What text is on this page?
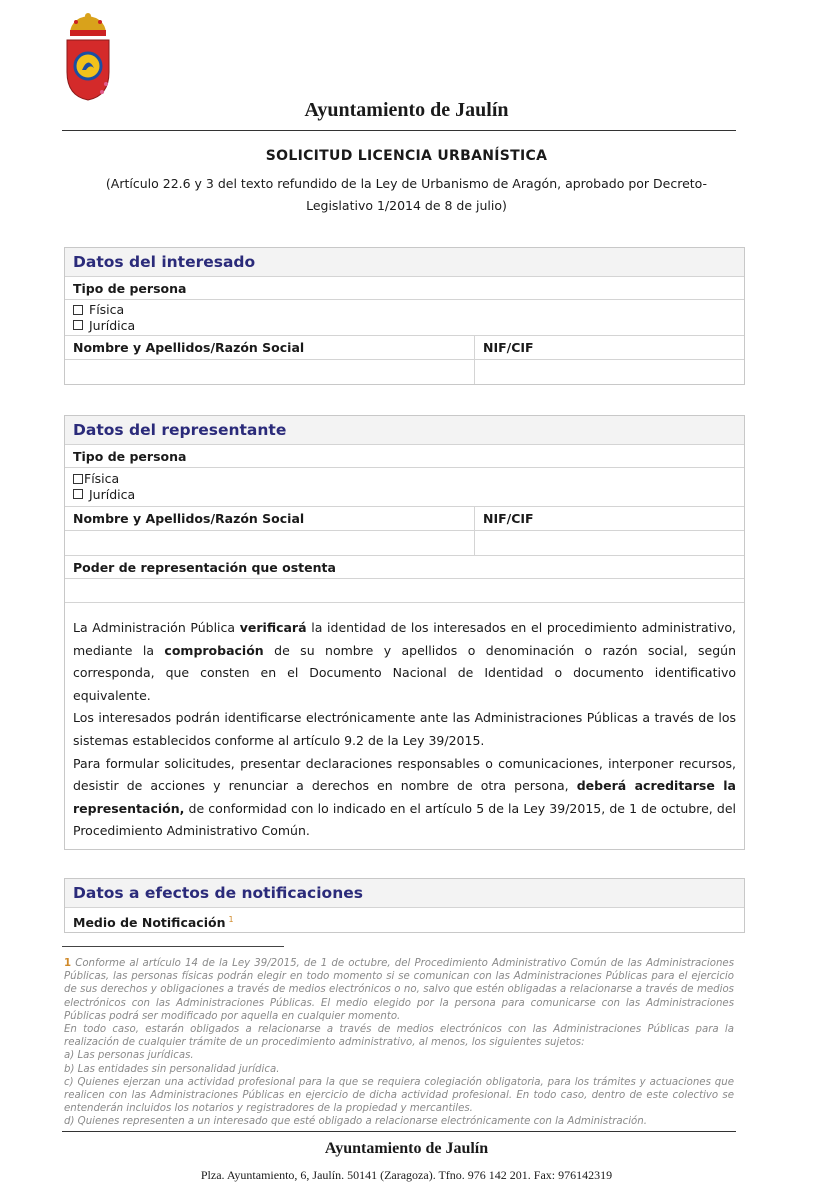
Ayuntamiento de Jaulín
SOLICITUD LICENCIA URBANÍSTICA
(Artículo 22.6 y 3 del texto refundido de la Ley de Urbanismo de Aragón, aprobado por Decreto-
Legislativo 1/2014 de 8 de julio)
Datos del interesado
Tipo de persona
Física
Jurídica
Nombre y Apellidos/Razón Social	NIF/CIF
Datos del representante
Tipo de persona
Física
Jurídica
Nombre y Apellidos/Razón Social	NIF/CIF
Poder de representación que ostenta

La Administración Pública verificará la identidad de los interesados en el procedimiento administrativo, mediante la comprobación de su nombre y apellidos o denominación o razón social, según corresponda, que consten en el Documento Nacional de Identidad o documento identificativo equivalente.

Los interesados podrán identificarse electrónicamente ante las Administraciones Públicas a través de los sistemas establecidos conforme al artículo 9.2 de la Ley 39/2015.

Para formular solicitudes, presentar declaraciones responsables o comunicaciones, interponer recursos, desistir de acciones y renunciar a derechos en nombre de otra persona, deberá acreditarse la representación, de conformidad con lo indicado en el artículo 5 de la Ley 39/2015, de 1 de octubre, del Procedimiento Administrativo Común.

Datos a efectos de notificaciones
Medio de Notificación $^1$

1 Conforme al artículo 14 de la Ley 39/2015, de 1 de octubre, del Procedimiento Administrativo Común de las Administraciones Públicas, las personas físicas podrán elegir en todo momento si se comunican con las Administraciones Públicas para el ejercicio de sus derechos y obligaciones a través de medios electrónicos o no, salvo que estén obligadas a relacionarse a través de medios electrónicos con las Administraciones Públicas. El medio elegido por la persona para comunicarse con las Administraciones Públicas podrá ser modificado por aquella en cualquier momento.

En todo caso, estarán obligados a relacionarse a través de medios electrónicos con las Administraciones Públicas para la realización de cualquier trámite de un procedimiento administrativo, al menos, los siguientes sujetos:

a) Las personas jurídicas.

b) Las entidades sin personalidad jurídica.

c) Quienes ejerzan una actividad profesional para la que se requiera colegiación obligatoria, para los trámites y actuaciones que realicen con las Administraciones Públicas en ejercicio de dicha actividad profesional. En todo caso, dentro de este colectivo se entenderán incluidos los notarios y registradores de la propiedad y mercantiles.

d) Quienes representen a un interesado que esté obligado a relacionarse electrónicamente con la Administración.

Ayuntamiento de Jaulín
Plza. Ayuntamiento, 6, Jaulín. 50141 (Zaragoza). Tfno. 976 142 201. Fax: 976142319
